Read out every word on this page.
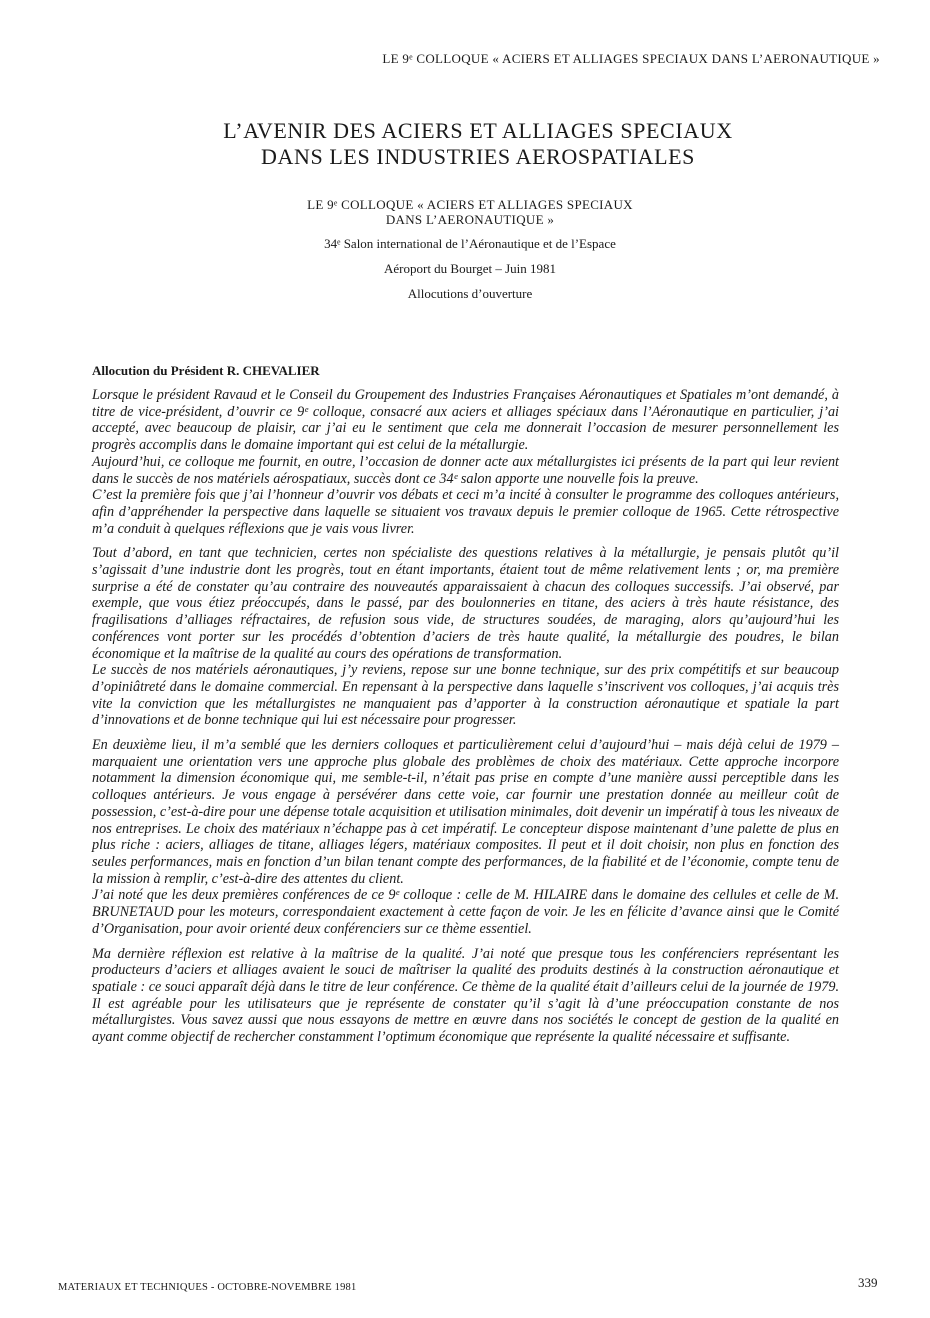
LE 9ᵉ COLLOQUE « ACIERS ET ALLIAGES SPECIAUX DANS L’AERONAUTIQUE »
L’AVENIR DES ACIERS ET ALLIAGES SPECIAUX
DANS LES INDUSTRIES AEROSPATIALES
LE 9ᵉ COLLOQUE « ACIERS ET ALLIAGES SPECIAUX
DANS L’AERONAUTIQUE »
34ᵉ Salon international de l’Aéronautique et de l’Espace
Aéroport du Bourget – Juin 1981
Allocutions d’ouverture
Allocution du Président R. CHEVALIER

Lorsque le président Ravaud et le Conseil du Groupement des Industries Françaises Aéronautiques et Spatiales m’ont demandé, à titre de vice-président, d’ouvrir ce 9ᵉ colloque, consacré aux aciers et alliages spéciaux dans l’Aéronautique en particulier, j’ai accepté, avec beaucoup de plaisir, car j’ai eu le sentiment que cela me donnerait l’occasion de mesurer personnellement les progrès accomplis dans le domaine important qui est celui de la métallurgie.

Aujourd’hui, ce colloque me fournit, en outre, l’occasion de donner acte aux métallurgistes ici présents de la part qui leur revient dans le succès de nos matériels aérospatiaux, succès dont ce 34ᵉ salon apporte une nouvelle fois la preuve.

C’est la première fois que j’ai l’honneur d’ouvrir vos débats et ceci m’a incité à consulter le programme des colloques antérieurs, afin d’appréhender la perspective dans laquelle se situaient vos travaux depuis le premier colloque de 1965. Cette rétrospective m’a conduit à quelques réflexions que je vais vous livrer.

Tout d’abord, en tant que technicien, certes non spécialiste des questions relatives à la métallurgie, je pensais plutôt qu’il s’agissait d’une industrie dont les progrès, tout en étant importants, étaient tout de même relativement lents ; or, ma première surprise a été de constater qu’au contraire des nouveautés apparaissaient à chacun des colloques successifs. J’ai observé, par exemple, que vous étiez préoccupés, dans le passé, par des boulonneries en titane, des aciers à très haute résistance, des fragilisations d’alliages réfractaires, de refusion sous vide, de structures soudées, de maraging, alors qu’aujourd’hui les conférences vont porter sur les procédés d’obtention d’aciers de très haute qualité, la métallurgie des poudres, le bilan économique et la maîtrise de la qualité au cours des opérations de transformation.

Le succès de nos matériels aéronautiques, j’y reviens, repose sur une bonne technique, sur des prix compétitifs et sur beaucoup d’opiniâtreté dans le domaine commercial. En repensant à la perspective dans laquelle s’inscrivent vos colloques, j’ai acquis très vite la conviction que les métallurgistes ne manquaient pas d’apporter à la construction aéronautique et spatiale la part d’innovations et de bonne technique qui lui est nécessaire pour progresser.

En deuxième lieu, il m’a semblé que les derniers colloques et particulièrement celui d’aujourd’hui – mais déjà celui de 1979 – marquaient une orientation vers une approche plus globale des problèmes de choix des matériaux. Cette approche incorpore notamment la dimension économique qui, me semble-t-il, n’était pas prise en compte d’une manière aussi perceptible dans les colloques antérieurs. Je vous engage à persévérer dans cette voie, car fournir une prestation donnée au meilleur coût de possession, c’est-à-dire pour une dépense totale acquisition et utilisation minimales, doit devenir un impératif à tous les niveaux de nos entreprises. Le choix des matériaux n’échappe pas à cet impératif. Le concepteur dispose maintenant d’une palette de plus en plus riche : aciers, alliages de titane, alliages légers, matériaux composites. Il peut et il doit choisir, non plus en fonction des seules performances, mais en fonction d’un bilan tenant compte des performances, de la fiabilité et de l’économie, compte tenu de la mission à remplir, c’est-à-dire des attentes du client.

J’ai noté que les deux premières conférences de ce 9ᵉ colloque : celle de M. HILAIRE dans le domaine des cellules et celle de M. BRUNETAUD pour les moteurs, correspondaient exactement à cette façon de voir. Je les en félicite d’avance ainsi que le Comité d’Organisation, pour avoir orienté deux conférenciers sur ce thème essentiel.

Ma dernière réflexion est relative à la maîtrise de la qualité. J’ai noté que presque tous les conférenciers représentant les producteurs d’aciers et alliages avaient le souci de maîtriser la qualité des produits destinés à la construction aéronautique et spatiale : ce souci apparaît déjà dans le titre de leur conférence. Ce thème de la qualité était d’ailleurs celui de la journée de 1979. Il est agréable pour les utilisateurs que je représente de constater qu’il s’agit là d’une préoccupation constante de nos métallurgistes. Vous savez aussi que nous essayons de mettre en œuvre dans nos sociétés le concept de gestion de la qualité en ayant comme objectif de rechercher constamment l’optimum économique que représente la qualité nécessaire et suffisante.

MATERIAUX ET TECHNIQUES - OCTOBRE-NOVEMBRE 1981	339
